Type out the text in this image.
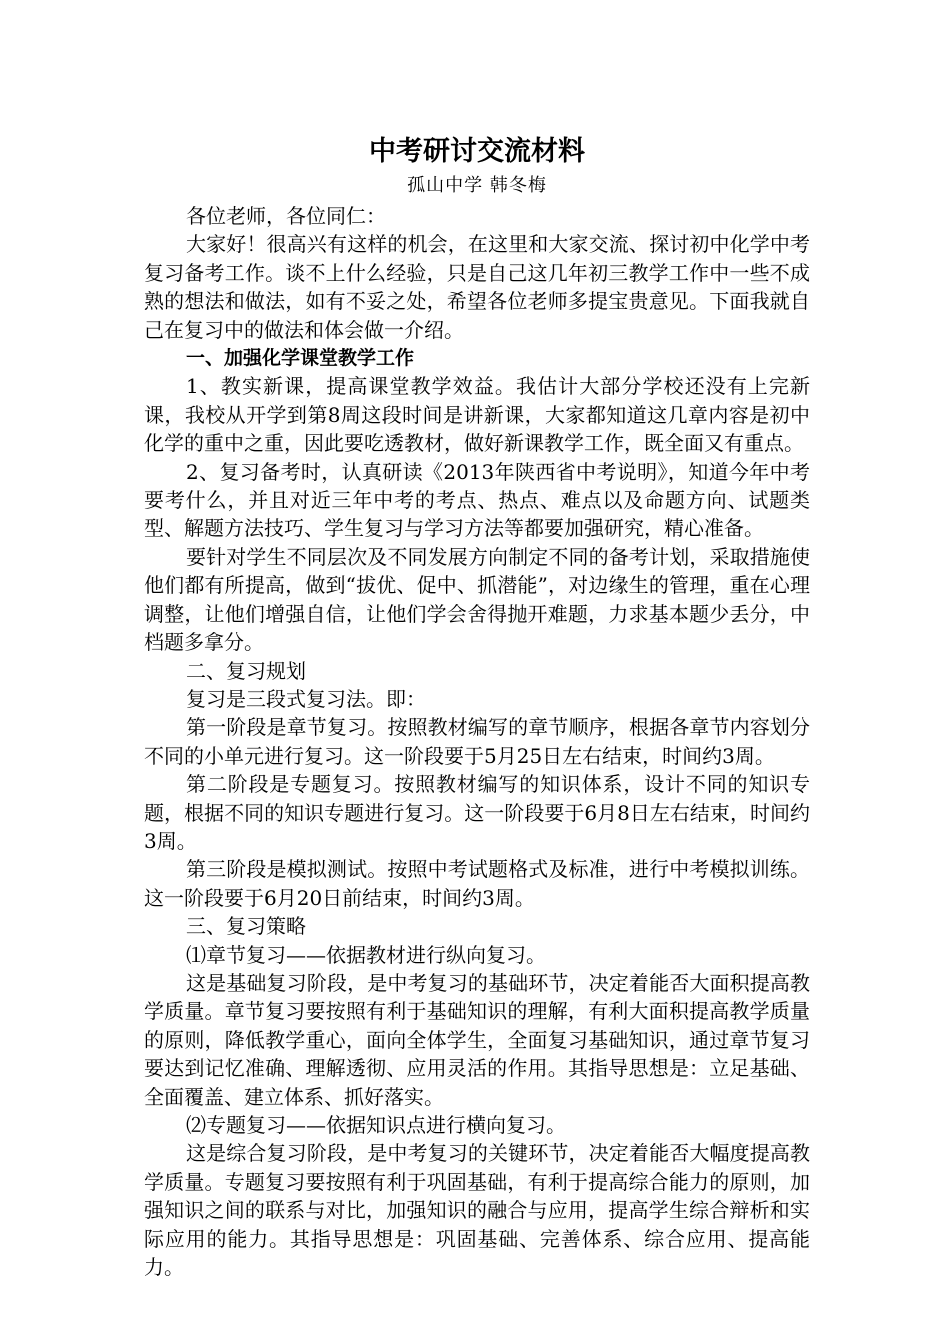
中考研讨交流材料

孤山中学 韩冬梅

各位老师，各位同仁：

大家好！很高兴有这样的机会，在这里和大家交流、探讨初中化学中考复习备考工作。谈不上什么经验，只是自己这几年初三教学工作中一些不成熟的想法和做法，如有不妥之处，希望各位老师多提宝贵意见。下面我就自己在复习中的做法和体会做一介绍。

一、加强化学课堂教学工作

1、教实新课，提高课堂教学效益。我估计大部分学校还没有上完新课，我校从开学到第8周这段时间是讲新课，大家都知道这几章内容是初中化学的重中之重，因此要吃透教材，做好新课教学工作，既全面又有重点。

2、复习备考时，认真研读《2013年陕西省中考说明》，知道今年中考要考什么，并且对近三年中考的考点、热点、难点以及命题方向、试题类型、解题方法技巧、学生复习与学习方法等都要加强研究，精心准备。

要针对学生不同层次及不同发展方向制定不同的备考计划，采取措施使他们都有所提高，做到“拔优、促中、抓潜能”，对边缘生的管理，重在心理调整，让他们增强自信，让他们学会舍得抛开难题，力求基本题少丢分，中档题多拿分。

二、复习规划

复习是三段式复习法。即：

第一阶段是章节复习。按照教材编写的章节顺序，根据各章节内容划分不同的小单元进行复习。这一阶段要于5月25日左右结束，时间约3周。

第二阶段是专题复习。按照教材编写的知识体系，设计不同的知识专题，根据不同的知识专题进行复习。这一阶段要于6月8日左右结束，时间约3周。

第三阶段是模拟测试。按照中考试题格式及标准，进行中考模拟训练。这一阶段要于6月20日前结束，时间约3周。

三、复习策略

⑴章节复习——依据教材进行纵向复习。

这是基础复习阶段，是中考复习的基础环节，决定着能否大面积提高教学质量。章节复习要按照有利于基础知识的理解，有利大面积提高教学质量的原则，降低教学重心，面向全体学生，全面复习基础知识，通过章节复习要达到记忆准确、理解透彻、应用灵活的作用。其指导思想是：立足基础、全面覆盖、建立体系、抓好落实。

⑵专题复习——依据知识点进行横向复习。

这是综合复习阶段，是中考复习的关键环节，决定着能否大幅度提高教学质量。专题复习要按照有利于巩固基础，有利于提高综合能力的原则，加强知识之间的联系与对比，加强知识的融合与应用，提高学生综合辩析和实际应用的能力。其指导思想是：巩固基础、完善体系、综合应用、提高能力。
